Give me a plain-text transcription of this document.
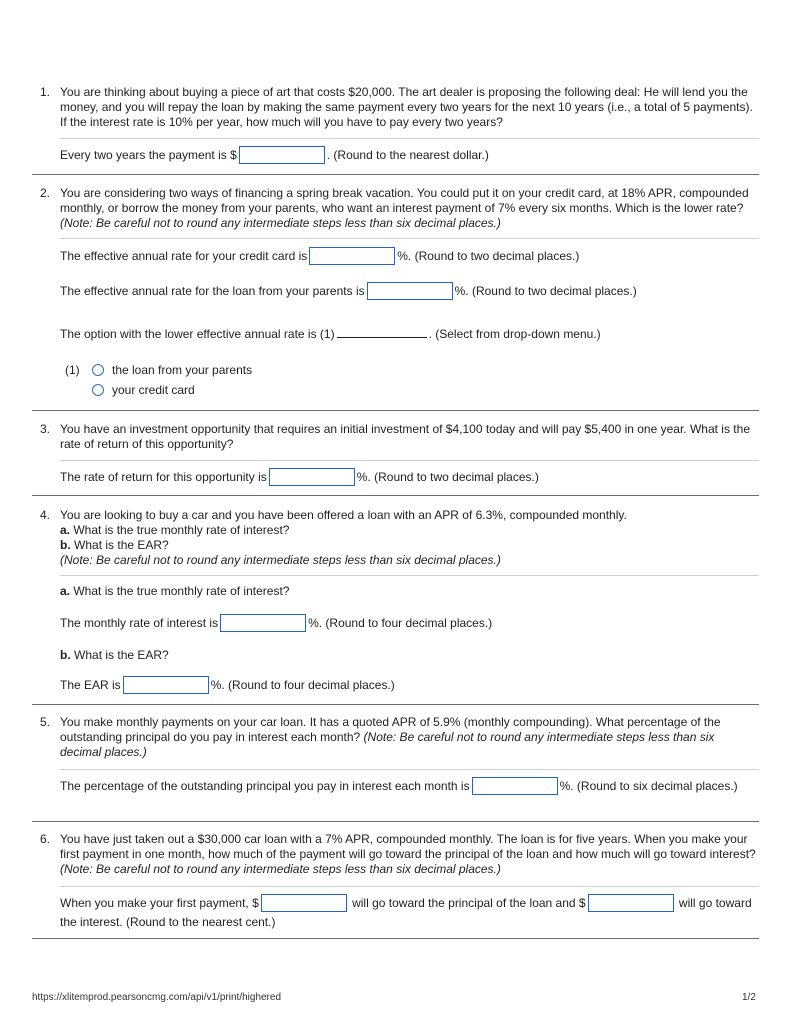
1. You are thinking about buying a piece of art that costs $20,000. The art dealer is proposing the following deal: He will lend you the money, and you will repay the loan by making the same payment every two years for the next 10 years (i.e., a total of 5 payments). If the interest rate is 10% per year, how much will you have to pay every two years?
Every two years the payment is $	. (Round to the nearest dollar.)
2. You are considering two ways of financing a spring break vacation. You could put it on your credit card, at 18% APR, compounded monthly, or borrow the money from your parents, who want an interest payment of 7% every six months. Which is the lower rate? (Note: Be careful not to round any intermediate steps less than six decimal places.)
The effective annual rate for your credit card is	%. (Round to two decimal places.)
The effective annual rate for the loan from your parents is	%. (Round to two decimal places.)
The option with the lower effective annual rate is (1)	. (Select from drop-down menu.)
(1)	the loan from your parents
your credit card
3. You have an investment opportunity that requires an initial investment of $4,100 today and will pay $5,400 in one year. What is the rate of return of this opportunity?
The rate of return for this opportunity is	%. (Round to two decimal places.)
4. You are looking to buy a car and you have been offered a loan with an APR of 6.3%, compounded monthly.
a. What is the true monthly rate of interest?
b. What is the EAR?
(Note: Be careful not to round any intermediate steps less than six decimal places.)
a. What is the true monthly rate of interest?
The monthly rate of interest is	%. (Round to four decimal places.)
b. What is the EAR?
The EAR is	%. (Round to four decimal places.)
5. You make monthly payments on your car loan. It has a quoted APR of 5.9% (monthly compounding). What percentage of the outstanding principal do you pay in interest each month? (Note: Be careful not to round any intermediate steps less than six decimal places.)
The percentage of the outstanding principal you pay in interest each month is	%. (Round to six decimal places.)
6. You have just taken out a $30,000 car loan with a 7% APR, compounded monthly. The loan is for five years. When you make your first payment in one month, how much of the payment will go toward the principal of the loan and how much will go toward interest? (Note: Be careful not to round any intermediate steps less than six decimal places.)
When you make your first payment, $	will go toward the principal of the loan and $	will go toward the interest. (Round to the nearest cent.)
https://xlitemprod.pearsoncmg.com/api/v1/print/highered	1/2
